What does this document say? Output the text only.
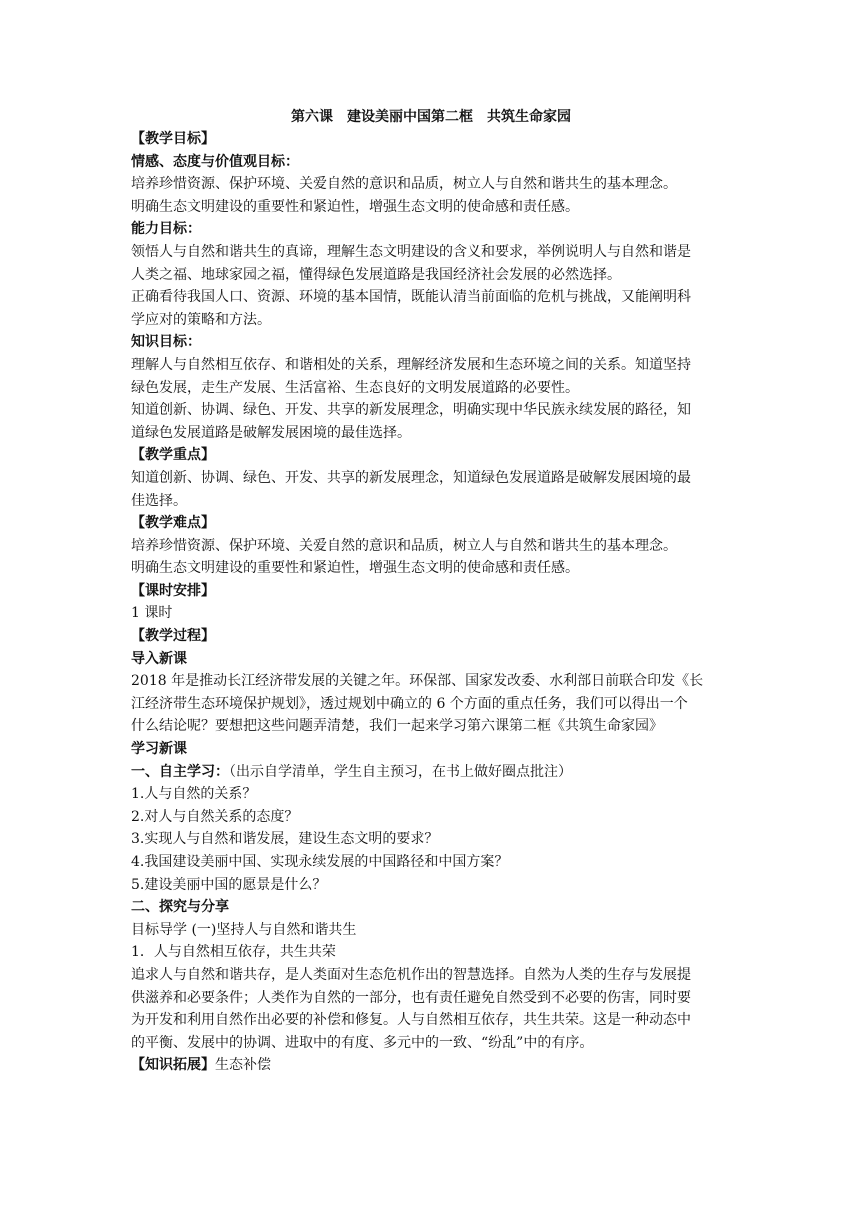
第六课　建设美丽中国第二框　共筑生命家园

【教学目标】

情感、态度与价值观目标：

培养珍惜资源、保护环境、关爱自然的意识和品质，树立人与自然和谐共生的基本理念。

明确生态文明建设的重要性和紧迫性，增强生态文明的使命感和责任感。

能力目标：

领悟人与自然和谐共生的真谛，理解生态文明建设的含义和要求，举例说明人与自然和谐是

人类之福、地球家园之福，懂得绿色发展道路是我国经济社会发展的必然选择。

正确看待我国人口、资源、环境的基本国情，既能认清当前面临的危机与挑战，又能阐明科

学应对的策略和方法。

知识目标：

理解人与自然相互依存、和谐相处的关系，理解经济发展和生态环境之间的关系。知道坚持

绿色发展，走生产发展、生活富裕、生态良好的文明发展道路的必要性。

知道创新、协调、绿色、开发、共享的新发展理念，明确实现中华民族永续发展的路径，知

道绿色发展道路是破解发展困境的最佳选择。

【教学重点】

知道创新、协调、绿色、开发、共享的新发展理念，知道绿色发展道路是破解发展困境的最

佳选择。

【教学难点】

培养珍惜资源、保护环境、关爱自然的意识和品质，树立人与自然和谐共生的基本理念。

明确生态文明建设的重要性和紧迫性，增强生态文明的使命感和责任感。

【课时安排】

1 课时

【教学过程】

导入新课

2018 年是推动长江经济带发展的关键之年。环保部、国家发改委、水利部日前联合印发《长

江经济带生态环境保护规划》，透过规划中确立的 6 个方面的重点任务，我们可以得出一个

什么结论呢？要想把这些问题弄清楚，我们一起来学习第六课第二框《共筑生命家园》

学习新课

一、自主学习：（出示自学清单，学生自主预习，在书上做好圈点批注）

1.人与自然的关系？

2.对人与自然关系的态度？

3.实现人与自然和谐发展，建设生态文明的要求？

4.我国建设美丽中国、实现永续发展的中国路径和中国方案？

5.建设美丽中国的愿景是什么？

二、探究与分享

目标导学 (一)坚持人与自然和谐共生

1．人与自然相互依存，共生共荣

追求人与自然和谐共存，是人类面对生态危机作出的智慧选择。自然为人类的生存与发展提

供滋养和必要条件；人类作为自然的一部分，也有责任避免自然受到不必要的伤害，同时要

为开发和利用自然作出必要的补偿和修复。人与自然相互依存，共生共荣。这是一种动态中

的平衡、发展中的协调、进取中的有度、多元中的一致、“纷乱”中的有序。

【知识拓展】生态补偿
